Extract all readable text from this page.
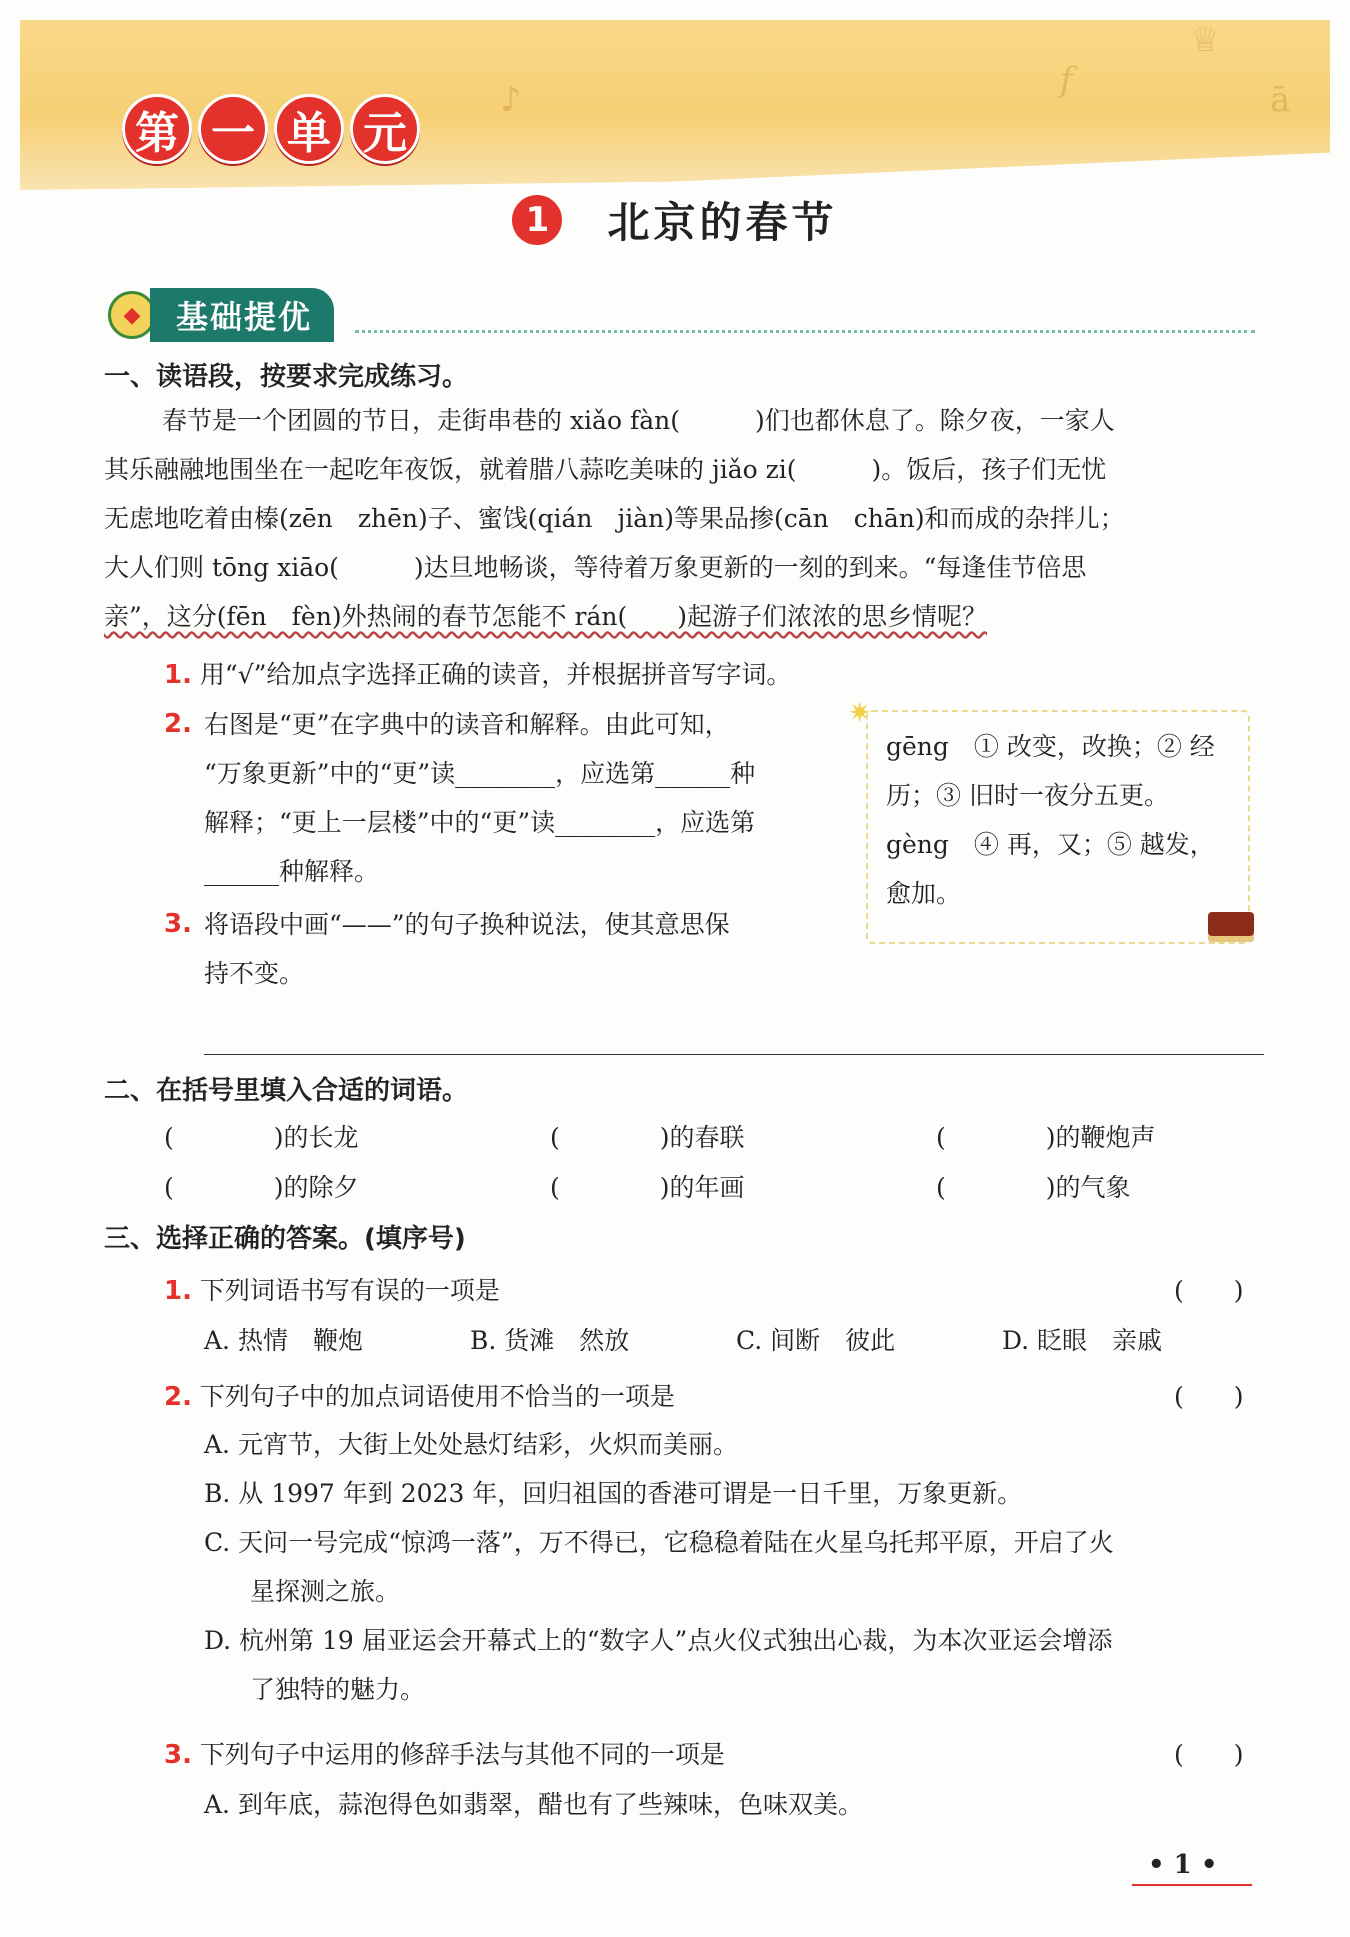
♪	𝑓
♕
ā
第 一 单 元
1 北京的春节
◆	基础提优
一、读语段，按要求完成练习。
春节是一个团圆的节日，走街串巷的 xiǎo fàn(　　　)们也都休息了。除夕夜，一家人
其乐融融地围坐在一起吃年夜饭，就着腊八蒜吃美味的 jiǎo zi(　　　)。饭后，孩子们无忧
无虑地吃着由榛(zēn　zhēn)子、蜜饯(qián　jiàn)等果品掺(cān　chān)和而成的杂拌儿；
大人们则 tōng xiāo(　　　)达旦地畅谈，等待着万象更新的一刻的到来。“每逢佳节倍思
亲”，这分(fēn　fèn)外热闹的春节怎能不 rán(　　)起游子们浓浓的思乡情呢？
1. 用“√”给加点字选择正确的读音，并根据拼音写字词。
2. 右图是“更”在字典中的读音和解释。由此可知，
“万象更新”中的“更”读________，应选第______种
解释；“更上一层楼”中的“更”读________，应选第
______种解释。
✷
gēng　① 改变，改换；② 经
历；③ 旧时一夜分五更。
gèng　④ 再，又；⑤ 越发，
愈加。
3. 将语段中画“——”的句子换种说法，使其意思保
持不变。
二、在括号里填入合适的词语。
(　　　　)的长龙	(　　　　)的春联	(　　　　)的鞭炮声
(　　　　)的除夕	(　　　　)的年画	(　　　　)的气象
三、选择正确的答案。(填序号)
1. 下列词语书写有误的一项是	(　　)
A. 热情　鞭炮	B. 货滩　然放	C. 间断　彼此	D. 眨眼　亲戚
2. 下列句子中的加点词语使用不恰当的一项是	(　　)
A. 元宵节，大街上处处悬灯结彩，火炽而美丽。
B. 从 1997 年到 2023 年，回归祖国的香港可谓是一日千里，万象更新。
C. 天问一号完成“惊鸿一落”，万不得已，它稳稳着陆在火星乌托邦平原，开启了火
星探测之旅。
D. 杭州第 19 届亚运会开幕式上的“数字人”点火仪式独出心裁，为本次亚运会增添
了独特的魅力。
3. 下列句子中运用的修辞手法与其他不同的一项是	(　　)
A. 到年底，蒜泡得色如翡翠，醋也有了些辣味，色味双美。
• 1 •
